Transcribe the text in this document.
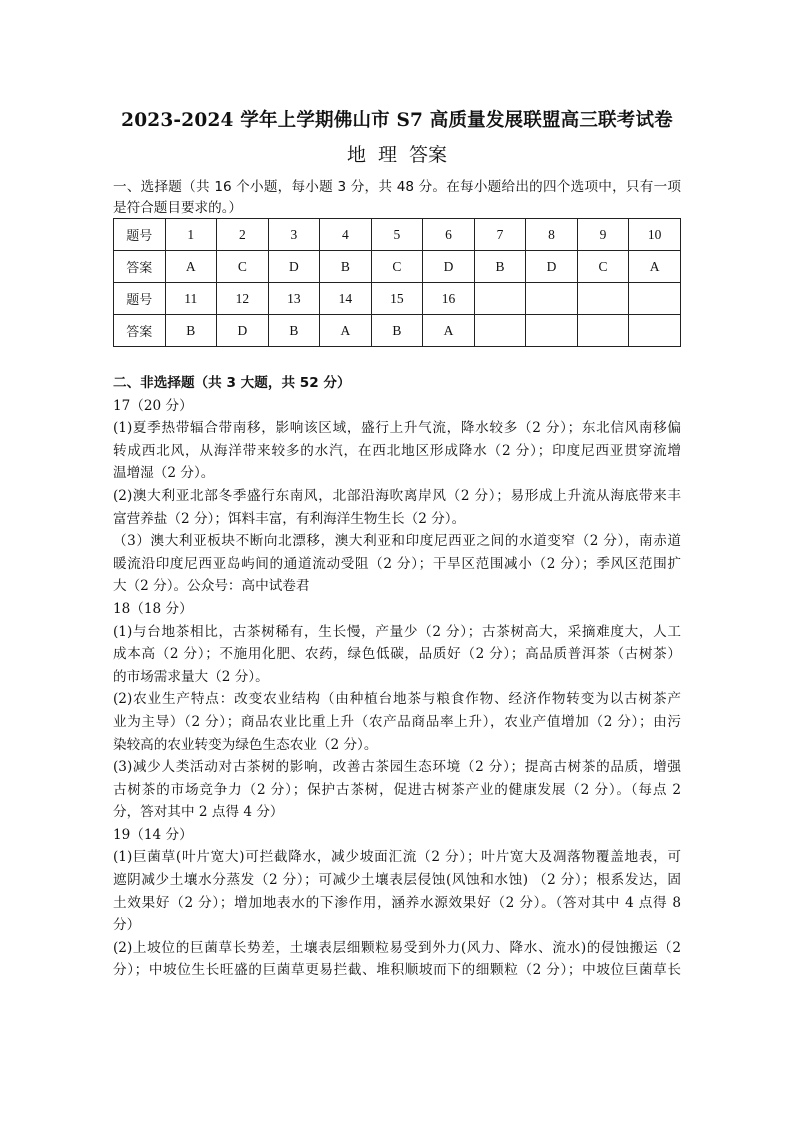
2023-2024 学年上学期佛山市 S7 高质量发展联盟高三联考试卷
地 理 答案
一、选择题（共 16 个小题，每小题 3 分，共 48 分。在每小题给出的四个选项中，只有一项
是符合题目要求的。）
题号	1	2	3	4	5	6	7	8	9	10
答案	A	C	D	B	C	D	B	D	C	A
题号	11	12	13	14	15	16				
答案	B	D	B	A	B	A				
二、非选择题（共 3 大题，共 52 分）
17（20 分）
(1)夏季热带辐合带南移，影响该区域，盛行上升气流，降水较多（2 分）；东北信风南移偏
转成西北风，从海洋带来较多的水汽，在西北地区形成降水（2 分）；印度尼西亚贯穿流增
温增湿（2 分）。
(2)澳大利亚北部冬季盛行东南风，北部沿海吹离岸风（2 分）；易形成上升流从海底带来丰
富营养盐（2 分）；饵料丰富，有利海洋生物生长（2 分）。
（3）澳大利亚板块不断向北漂移，澳大利亚和印度尼西亚之间的水道变窄（2 分），南赤道
暖流沿印度尼西亚岛屿间的通道流动受阻（2 分）；干旱区范围减小（2 分）；季风区范围扩
大（2 分）。公众号：高中试卷君
18（18 分）
(1)与台地茶相比，古茶树稀有，生长慢，产量少（2 分）；古茶树高大，采摘难度大，人工
成本高（2 分）；不施用化肥、农药，绿色低碳，品质好（2 分）；高品质普洱茶（古树茶）
的市场需求量大（2 分）。
(2)农业生产特点：改变农业结构（由种植台地茶与粮食作物、经济作物转变为以古树茶产
业为主导）（2 分）；商品农业比重上升（农产品商品率上升），农业产值增加（2 分）；由污
染较高的农业转变为绿色生态农业（2 分）。
(3)减少人类活动对古茶树的影响，改善古茶园生态环境（2 分）；提高古树茶的品质，增强
古树茶的市场竞争力（2 分）；保护古茶树，促进古树茶产业的健康发展（2 分）。（每点 2
分，答对其中 2 点得 4 分）
19（14 分）
(1)巨菌草(叶片宽大)可拦截降水，减少坡面汇流（2 分）；叶片宽大及凋落物覆盖地表，可
遮阴减少土壤水分蒸发（2 分）；可减少土壤表层侵蚀(风蚀和水蚀) （2 分）；根系发达，固
土效果好（2 分）；增加地表水的下渗作用，涵养水源效果好（2 分）。（答对其中 4 点得 8
分）
(2)上坡位的巨菌草长势差，土壤表层细颗粒易受到外力(风力、降水、流水)的侵蚀搬运（2
分）；中坡位生长旺盛的巨菌草更易拦截、堆积顺坡而下的细颗粒（2 分）；中坡位巨菌草长
